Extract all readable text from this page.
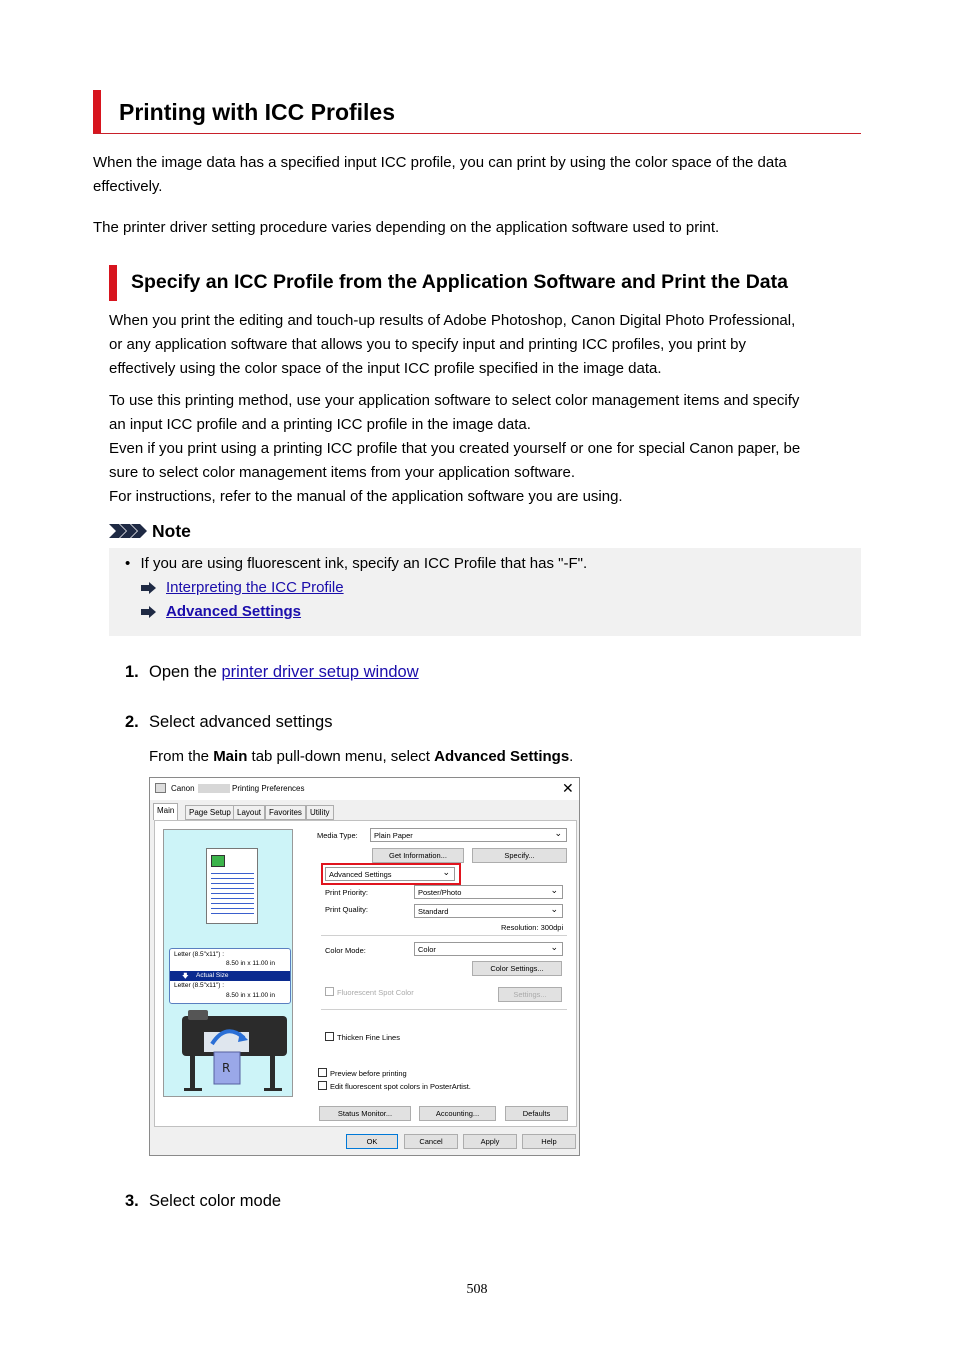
Printing with ICC Profiles
When the image data has a specified input ICC profile, you can print by using the color space of the data
effectively.
The printer driver setting procedure varies depending on the application software used to print.
Specify an ICC Profile from the Application Software and Print the Data
When you print the editing and touch-up results of Adobe Photoshop, Canon Digital Photo Professional,
or any application software that allows you to specify input and printing ICC profiles, you print by
effectively using the color space of the input ICC profile specified in the image data.
To use this printing method, use your application software to select color management items and specify
an input ICC profile and a printing ICC profile in the image data.
Even if you print using a printing ICC profile that you created yourself or one for special Canon paper, be
sure to select color management items from your application software.
For instructions, refer to the manual of the application software you are using.
Note
• If you are using fluorescent ink, specify an ICC Profile that has "-F".
Interpreting the ICC Profile
Advanced Settings
1. Open the printer driver setup window
2. Select advanced settings
From the Main tab pull-down menu, select Advanced Settings.
Canon	Printing Preferences	✕
Main	Page Setup Layout Favorites	Utility
Letter (8.5"x11") :
8.50 in x 11.00 in
🡇 Actual Size
Letter (8.5"x11") :
8.50 in x 11.00 in
R
Media Type:	Plain Paper ⌄
Get Information...	Specify...
Advanced Settings ⌄
Print Priority:	Poster/Photo ⌄
Print Quality:	Standard ⌄
Resolution: 300dpi
Color Mode:	Color ⌄
Color Settings...
Fluorescent Spot Color	Settings...
Thicken Fine Lines
Preview before printing
Edit fluorescent spot colors in PosterArtist.
Status Monitor...	Accounting...	Defaults
OK	Cancel	Apply	Help
3. Select color mode
508
